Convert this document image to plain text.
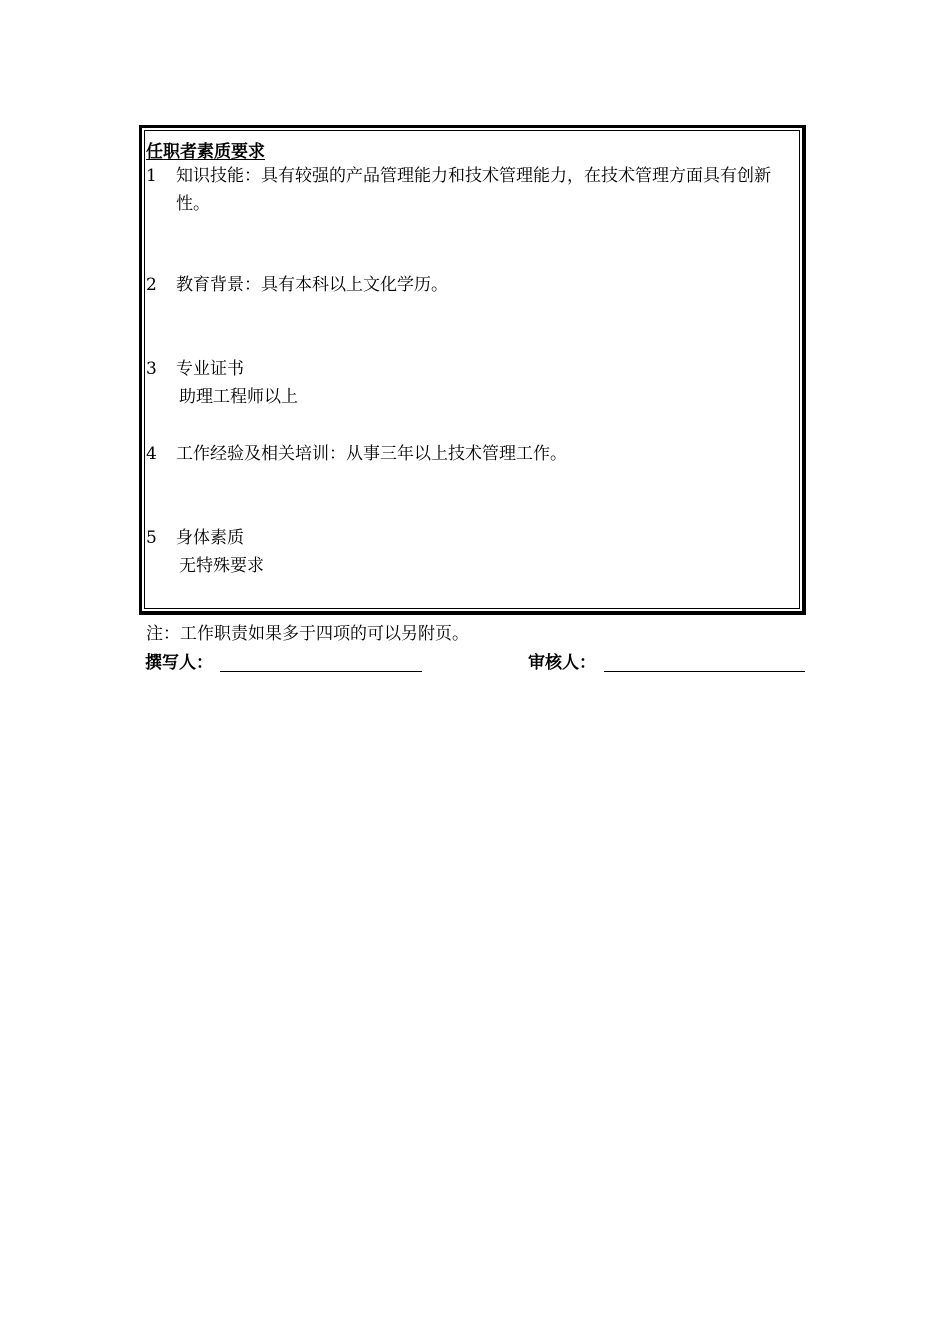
任职者素质要求
1	知识技能：具有较强的产品管理能力和技术管理能力，在技术管理方面具有创新性。
2	教育背景：具有本科以上文化学历。
3	专业证书
助理工程师以上
4	工作经验及相关培训：从事三年以上技术管理工作。
5	身体素质
无特殊要求
注：工作职责如果多于四项的可以另附页。
撰写人：	审核人：
